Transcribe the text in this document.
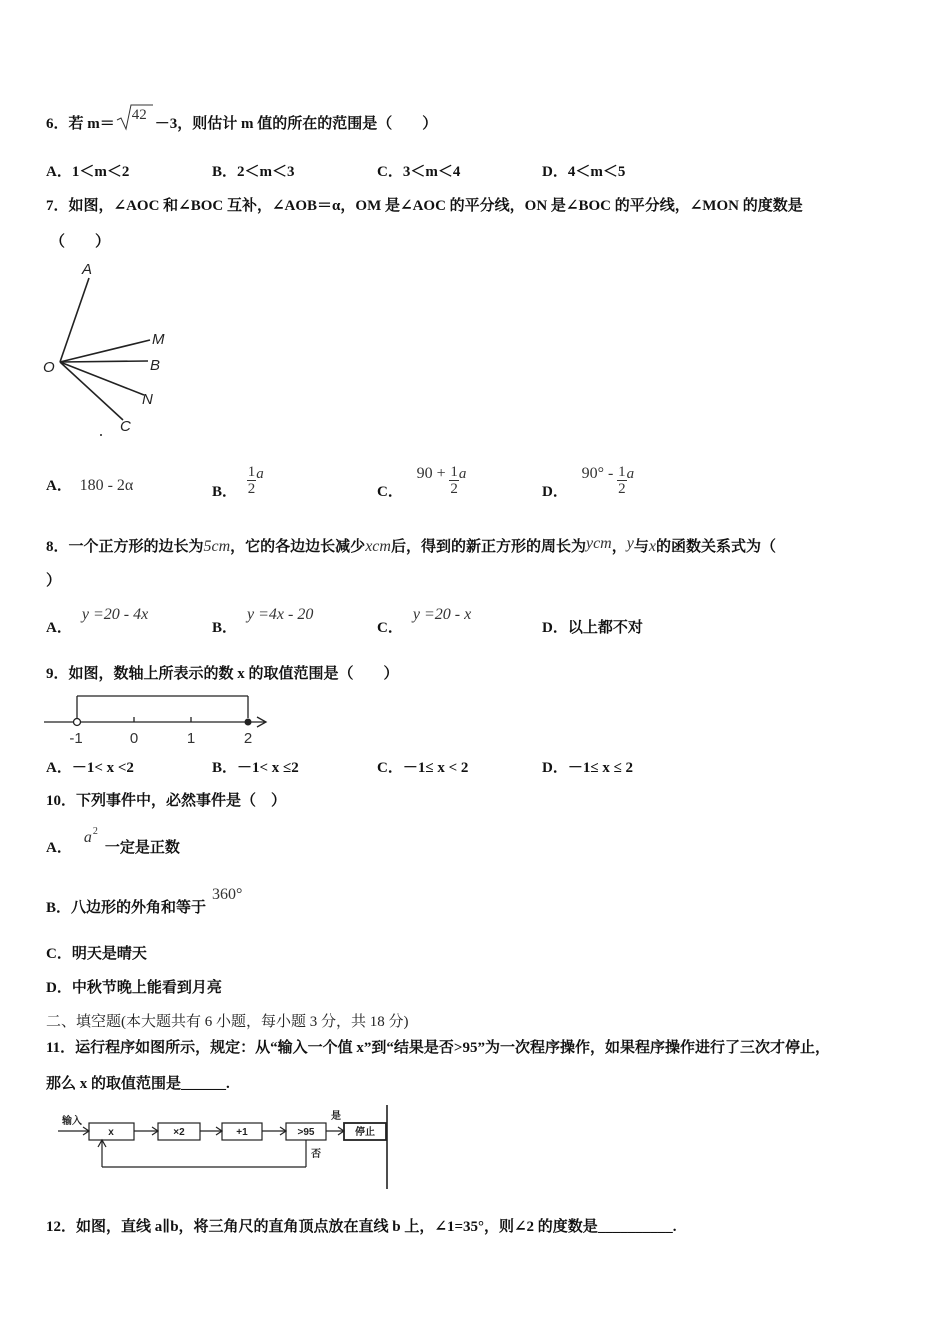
6．若 m＝
42
－3，则估计 m 值的所在的范围是（　　）
A．1＜m＜2	B．2＜m＜3	C．3＜m＜4	D．4＜m＜5
7．如图，∠AOC 和∠BOC 互补，∠AOB＝α，OM 是∠AOC 的平分线，ON 是∠BOC 的平分线，∠MON 的度数是
（　　）
A
M
O	B
N
C
A． 180 - 2α	B． $\frac{1}{2}$ a
C． $90 + \frac{1}{2}$ a
D． $90^\circ - \frac{1}{2}$ a
8．一个正方形的边长为5cm，它的各边边长减少xcm后，得到的新正方形的周长为ycm，y与x的函数关系式为（
）
A．y =20 - 4x
B．y =4x - 20
C．y =20 - x
D．以上都不对
9．如图，数轴上所表示的数 x 的取值范围是（　　）
-1	0	1	2
A．－1< x <2	B．－1< x ≤2	C．－1≤ x < 2	D．－1≤ x ≤ 2
10．下列事件中，必然事件是（　）
A．$a^2$一定是正数
B．八边形的外角和等于360°
C．明天是晴天
D．中秋节晚上能看到月亮
二、填空题(本大题共有 6 小题，每小题 3 分，共 18 分)
11．运行程序如图所示，规定：从“输入一个值 x”到“结果是否>95”为一次程序操作，如果程序操作进行了三次才停止，
那么 x 的取值范围是______.
输入
x	×2	+1	>95	停止
是
否
12．如图，直线 a∥b，将三角尺的直角顶点放在直线 b 上，∠1=35°，则∠2 的度数是__________.
